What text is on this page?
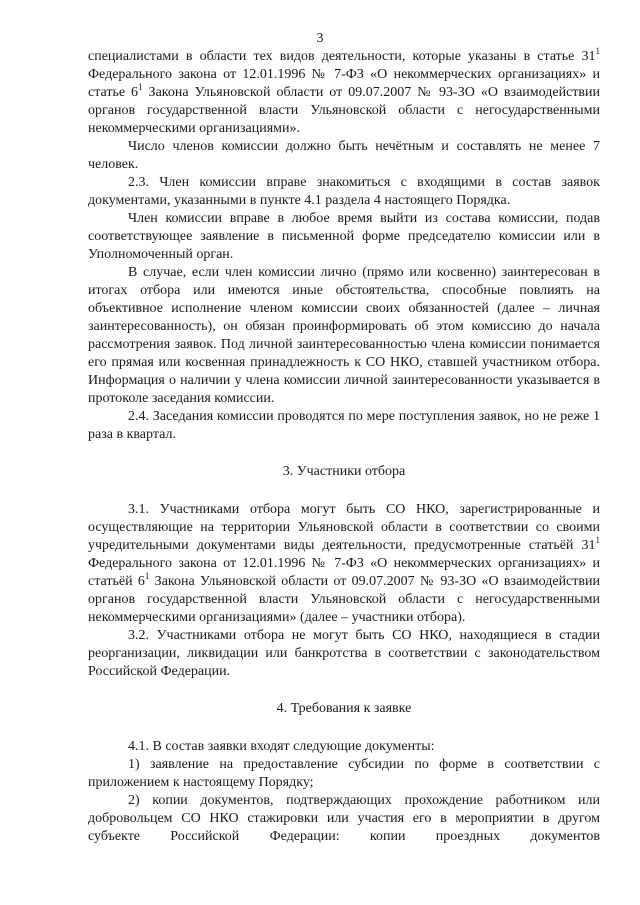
3

специалистами в области тех видов деятельности, которые указаны в статье $31^1$ Федерального закона от 12.01.1996 № 7-ФЗ «О некоммерческих организациях» и статье $6^1$ Закона Ульяновской области от 09.07.2007 № 93-ЗО «О взаимодействии органов государственной власти Ульяновской области с негосударственными некоммерческими организациями».

Число членов комиссии должно быть нечётным и составлять не менее 7 человек.

2.3. Член комиссии вправе знакомиться с входящими в состав заявок документами, указанными в пункте 4.1 раздела 4 настоящего Порядка.

Член комиссии вправе в любое время выйти из состава комиссии, подав соответствующее заявление в письменной форме председателю комиссии или в Уполномоченный орган.

В случае, если член комиссии лично (прямо или косвенно) заинтересован в итогах отбора или имеются иные обстоятельства, способные повлиять на объективное исполнение членом комиссии своих обязанностей (далее – личная заинтересованность), он обязан проинформировать об этом комиссию до начала рассмотрения заявок. Под личной заинтересованностью члена комиссии понимается его прямая или косвенная принадлежность к СО НКО, ставшей участником отбора. Информация о наличии у члена комиссии личной заинтересованности указывается в протоколе заседания комиссии.

2.4. Заседания комиссии проводятся по мере поступления заявок, но не реже 1 раза в квартал.

3. Участники отбора

3.1. Участниками отбора могут быть СО НКО, зарегистрированные и осуществляющие на территории Ульяновской области в соответствии со своими учредительными документами виды деятельности, предусмотренные статьёй $31^1$ Федерального закона от 12.01.1996 № 7-ФЗ «О некоммерческих организациях» и статьёй $6^1$ Закона Ульяновской области от 09.07.2007 № 93-ЗО «О взаимодействии органов государственной власти Ульяновской области с негосударственными некоммерческими организациями» (далее – участники отбора).

3.2. Участниками отбора не могут быть СО НКО, находящиеся в стадии реорганизации, ликвидации или банкротства в соответствии с законодательством Российской Федерации.

4. Требования к заявке

4.1. В состав заявки входят следующие документы:

1) заявление на предоставление субсидии по форме в соответствии с приложением к настоящему Порядку;

2) копии документов, подтверждающих прохождение работником или добровольцем СО НКО стажировки или участия его в мероприятии в другом субъекте Российской Федерации: копии проездных документов
